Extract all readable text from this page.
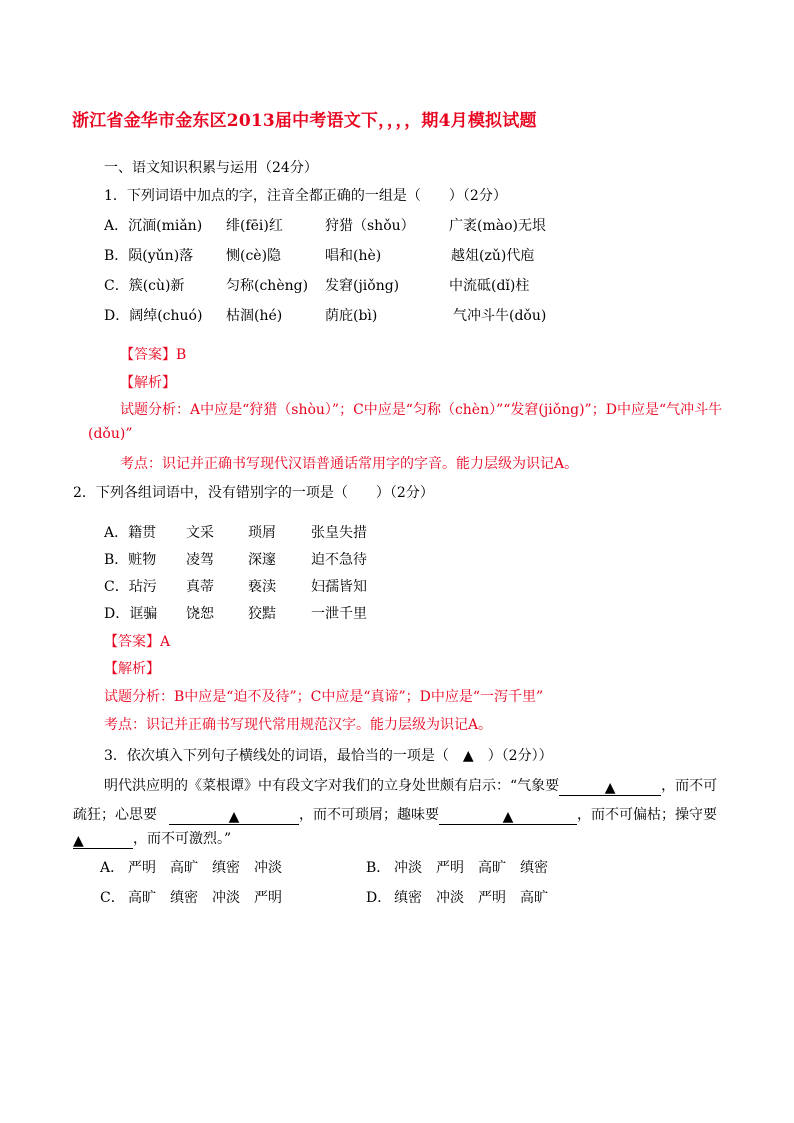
浙江省金华市金东区2013届中考语文下，，，，期4月模拟试题
一、语文知识积累与运用（24分）
1．下列词语中加点的字，注音全都正确的一组是（　　）（2分）
A．沉湎(miǎn) 绯(fēi)红	狩猎（shǒu） 广袤(mào)无垠
B．陨(yǔn)落 恻(cè)隐	唱和(hè)	越俎(zǔ)代庖
C．簇(cù)新	匀称(chèng) 发窘(jiǒng)	中流砥(dǐ)柱
D．阔绰(chuó) 枯涸(hé)	荫庇(bì)	气冲斗牛(dǒu)
【答案】B
【解析】
试题分析：A中应是“狩猎（shòu）”；C中应是“匀称（chèn）”“发窘(jiǒng)”；D中应是“气冲斗牛
(dǒu)”
考点：识记并正确书写现代汉语普通话常用字的字音。能力层级为识记A。
2．下列各组词语中，没有错别字的一项是（　　）（2分）
A．籍贯 文采 琐屑	张皇失措
B．赃物 凌驾 深邃	迫不急待
C．玷污 真蒂 亵渎	妇孺皆知
D．诓骗 饶恕 狡黠	一泄千里
【答案】A
【解析】
试题分析：B中应是“迫不及待”；C中应是“真谛”；D中应是“一泻千里”
考点：识记并正确书写现代常用规范汉字。能力层级为识记A。
3．依次填入下列句子横线处的词语，最恰当的一项是（ ▲ ）（2分））
明代洪应明的《菜根谭》中有段文字对我们的立身处世颇有启示：“气象要	▲	，而不可
疏狂；心思要	▲	，而不可琐屑；趣味要	▲	，而不可偏枯；操守要
▲	，而不可激烈。”
A． 严明 高旷 缜密 冲淡	B． 冲淡 严明 高旷 缜密
C． 高旷 缜密 冲淡 严明	D． 缜密 冲淡 严明 高旷
